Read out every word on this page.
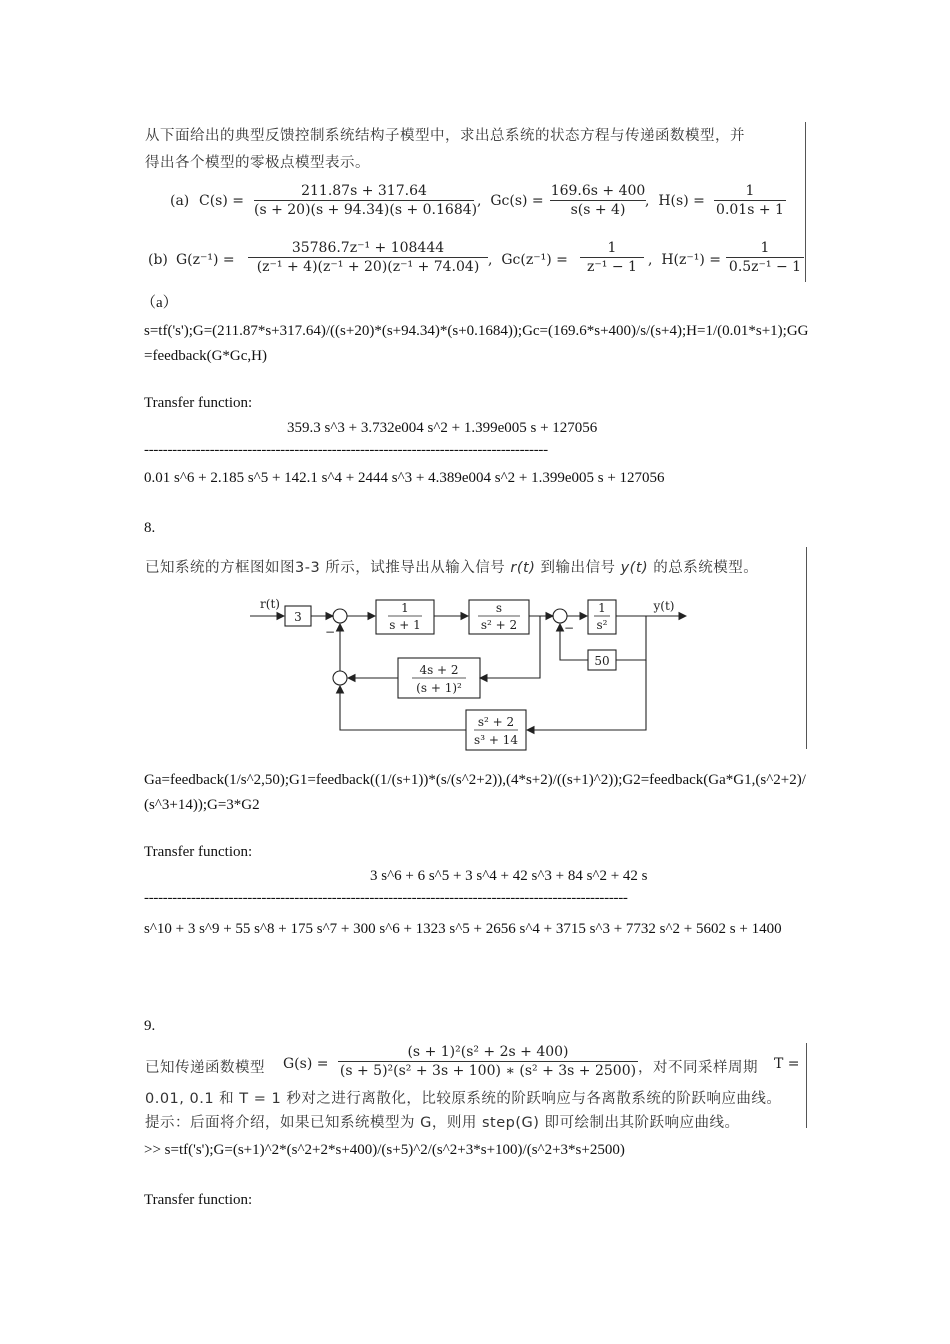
从下面给出的典型反馈控制系统结构子模型中，求出总系统的状态方程与传递函数模型，并
得出各个模型的零极点模型表示。
(a) C(s) =
211.87s + 317.64
(s + 20)(s + 94.34)(s + 0.1684)
,  Gc(s) =
169.6s + 400
s(s + 4)
,  H(s) =
1
0.01s + 1
(b) G(z⁻¹) =
35786.7z⁻¹ + 108444
(z⁻¹ + 4)(z⁻¹ + 20)(z⁻¹ + 74.04) ,  Gc(z⁻¹) =
1
z⁻¹ − 1 ,  H(z⁻¹) =
1
0.5z⁻¹ − 1
（a）
s=tf('s');G=(211.87*s+317.64)/((s+20)*(s+94.34)*(s+0.1684));Gc=(169.6*s+400)/s/(s+4);H=1/(0.01*s+1);GG=feedback(G*Gc,H)
Transfer function:
359.3 s^3 + 3.732e004 s^2 + 1.399e005 s + 127056
--------------------------------------------------------------------------------------
0.01 s^6 + 2.185 s^5 + 142.1 s^4 + 2444 s^3 + 4.389e004 s^2 + 1.399e005 s + 127056
8.
已知系统的方框图如图3-3 所示，试推导出从输入信号 r(t) 到输出信号 y(t) 的总系统模型。
r(t)	y(t)
3
1
s + 1
s
s² + 2
1
s²
50
4s + 2
(s + 1)²
s² + 2
s³ + 14
−	−
Ga=feedback(1/s^2,50);G1=feedback((1/(s+1))*(s/(s^2+2)),(4*s+2)/((s+1)^2));G2=feedback(Ga*G1,(s^2+2)/(s^3+14));G=3*G2
Transfer function:
3 s^6 + 6 s^5 + 3 s^4 + 42 s^3 + 84 s^2 + 42 s
-------------------------------------------------------------------------------------------------------
s^10 + 3 s^9 + 55 s^8 + 175 s^7 + 300 s^6 + 1323 s^5 + 2656 s^4 + 3715 s^3 + 7732 s^2 + 5602 s + 1400
9.
已知传递函数模型 G(s) =
(s + 1)²(s² + 2s + 400)
(s + 5)²(s² + 3s + 100) ∗ (s² + 3s + 2500) ，对不同采样周期 T =
0.01, 0.1 和 T = 1 秒对之进行离散化，比较原系统的阶跃响应与各离散系统的阶跃响应曲线。
提示：后面将介绍，如果已知系统模型为 G，则用 step(G) 即可绘制出其阶跃响应曲线。
>> s=tf('s');G=(s+1)^2*(s^2+2*s+400)/(s+5)^2/(s^2+3*s+100)/(s^2+3*s+2500)
Transfer function:
